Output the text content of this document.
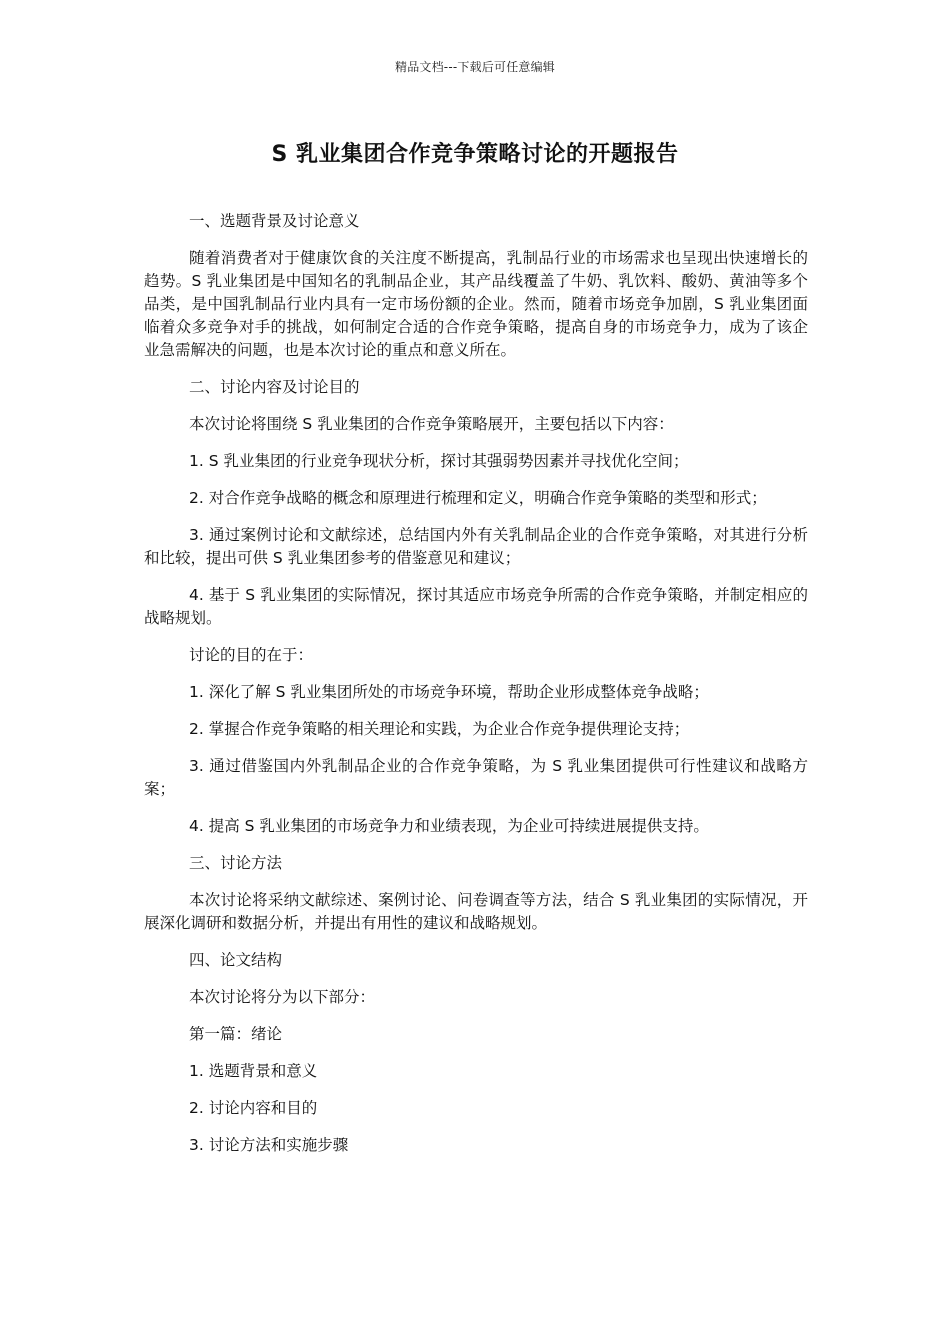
精品文档---下载后可任意编辑
S 乳业集团合作竞争策略讨论的开题报告

一、选题背景及讨论意义

随着消费者对于健康饮食的关注度不断提高，乳制品行业的市场需求也呈现出快速增长的趋势。S 乳业集团是中国知名的乳制品企业，其产品线覆盖了牛奶、乳饮料、酸奶、黄油等多个品类，是中国乳制品行业内具有一定市场份额的企业。然而，随着市场竞争加剧，S 乳业集团面临着众多竞争对手的挑战，如何制定合适的合作竞争策略，提高自身的市场竞争力，成为了该企业急需解决的问题，也是本次讨论的重点和意义所在。

二、讨论内容及讨论目的

本次讨论将围绕 S 乳业集团的合作竞争策略展开，主要包括以下内容：

1. S 乳业集团的行业竞争现状分析，探讨其强弱势因素并寻找优化空间；

2. 对合作竞争战略的概念和原理进行梳理和定义，明确合作竞争策略的类型和形式；

3. 通过案例讨论和文献综述，总结国内外有关乳制品企业的合作竞争策略，对其进行分析和比较，提出可供 S 乳业集团参考的借鉴意见和建议；

4. 基于 S 乳业集团的实际情况，探讨其适应市场竞争所需的合作竞争策略，并制定相应的战略规划。

讨论的目的在于：

1. 深化了解 S 乳业集团所处的市场竞争环境，帮助企业形成整体竞争战略；

2. 掌握合作竞争策略的相关理论和实践，为企业合作竞争提供理论支持；

3. 通过借鉴国内外乳制品企业的合作竞争策略，为 S 乳业集团提供可行性建议和战略方案；

4. 提高 S 乳业集团的市场竞争力和业绩表现，为企业可持续进展提供支持。

三、讨论方法

本次讨论将采纳文献综述、案例讨论、问卷调查等方法，结合 S 乳业集团的实际情况，开展深化调研和数据分析，并提出有用性的建议和战略规划。

四、论文结构

本次讨论将分为以下部分：

第一篇：绪论

1. 选题背景和意义

2. 讨论内容和目的

3. 讨论方法和实施步骤
